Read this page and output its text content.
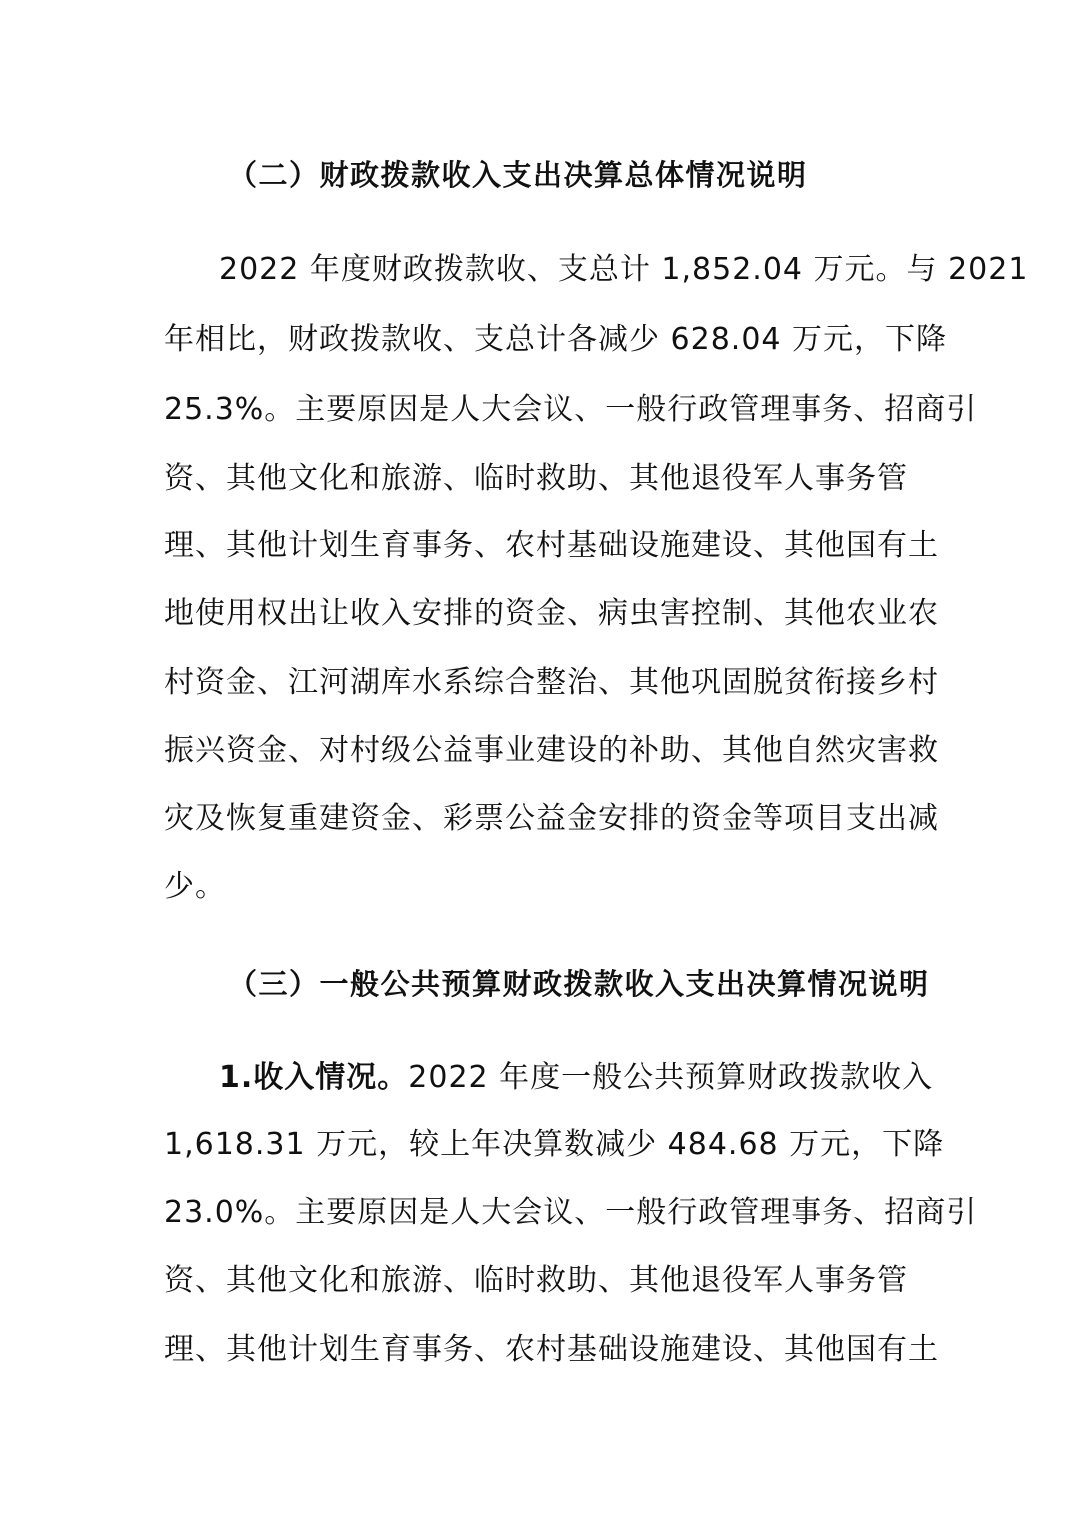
（二）财政拨款收入支出决算总体情况说明
2022 年度财政拨款收、支总计 1,852.04 万元。与 2021
年相比，财政拨款收、支总计各减少 628.04 万元，下降
25.3%。主要原因是人大会议、一般行政管理事务、招商引
资、其他文化和旅游、临时救助、其他退役军人事务管
理、其他计划生育事务、农村基础设施建设、其他国有土
地使用权出让收入安排的资金、病虫害控制、其他农业农
村资金、江河湖库水系综合整治、其他巩固脱贫衔接乡村
振兴资金、对村级公益事业建设的补助、其他自然灾害救
灾及恢复重建资金、彩票公益金安排的资金等项目支出减
少。
（三）一般公共预算财政拨款收入支出决算情况说明
1.收入情况。2022 年度一般公共预算财政拨款收入
1,618.31 万元，较上年决算数减少 484.68 万元，下降
23.0%。主要原因是人大会议、一般行政管理事务、招商引
资、其他文化和旅游、临时救助、其他退役军人事务管
理、其他计划生育事务、农村基础设施建设、其他国有土
